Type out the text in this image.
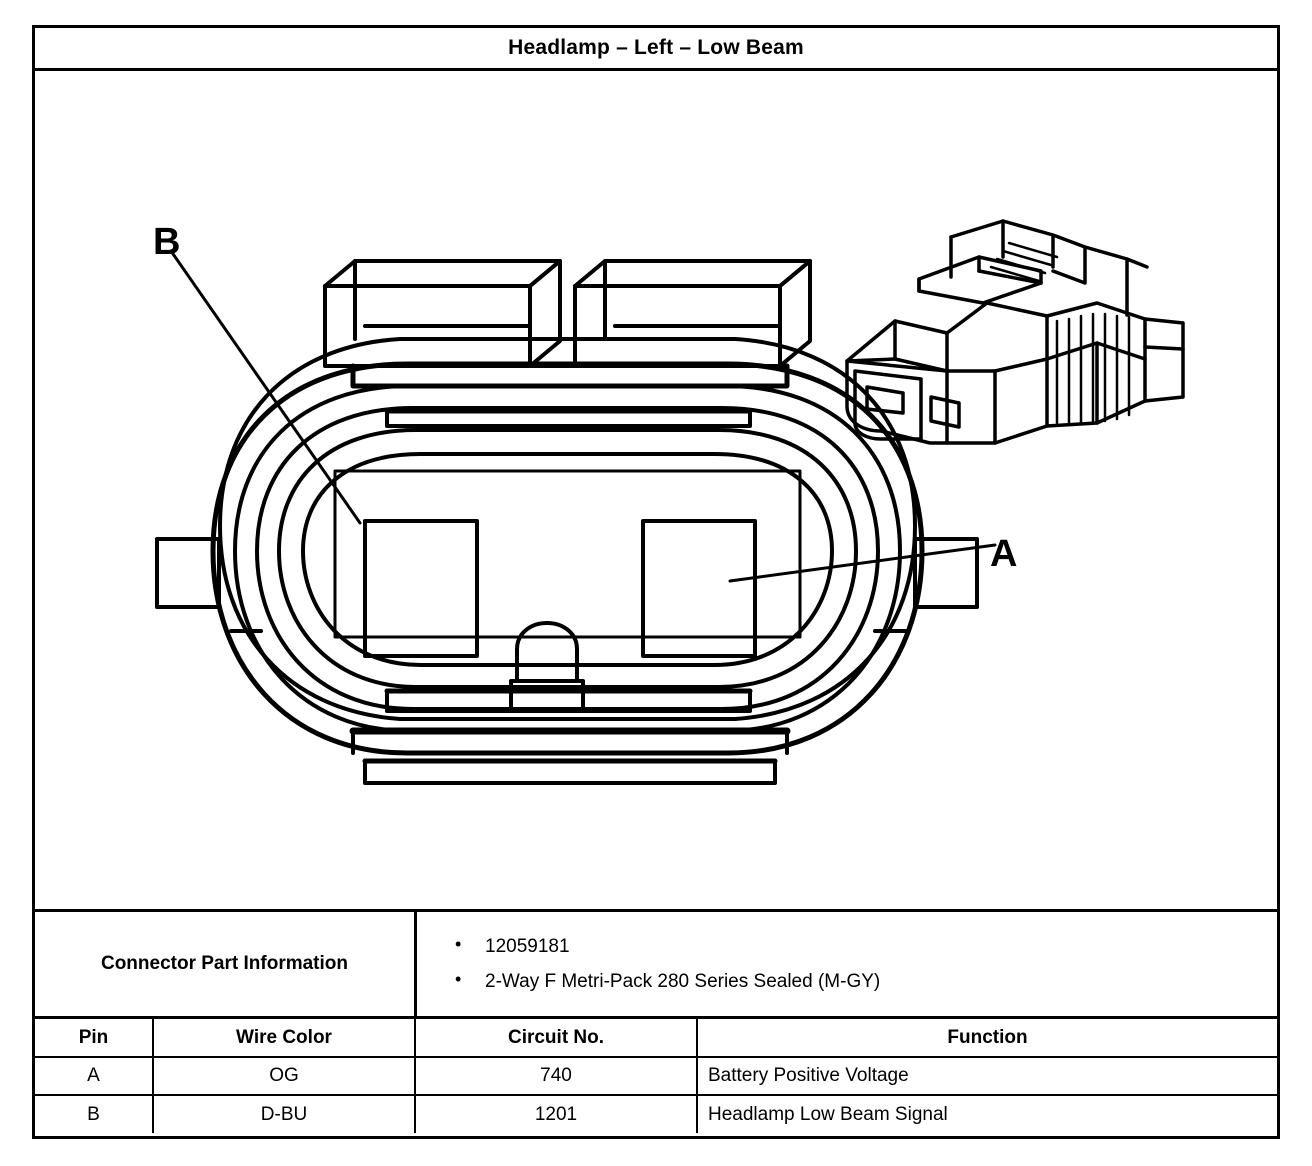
Headlamp – Left – Low Beam
B
A
Connector Part Information
• 12059181
• 2-Way F Metri-Pack 280 Series Sealed (M-GY)
Pin	Wire Color	Circuit No.	Function
A	OG	740	Battery Positive Voltage
B	D-BU	1201	Headlamp Low Beam Signal
